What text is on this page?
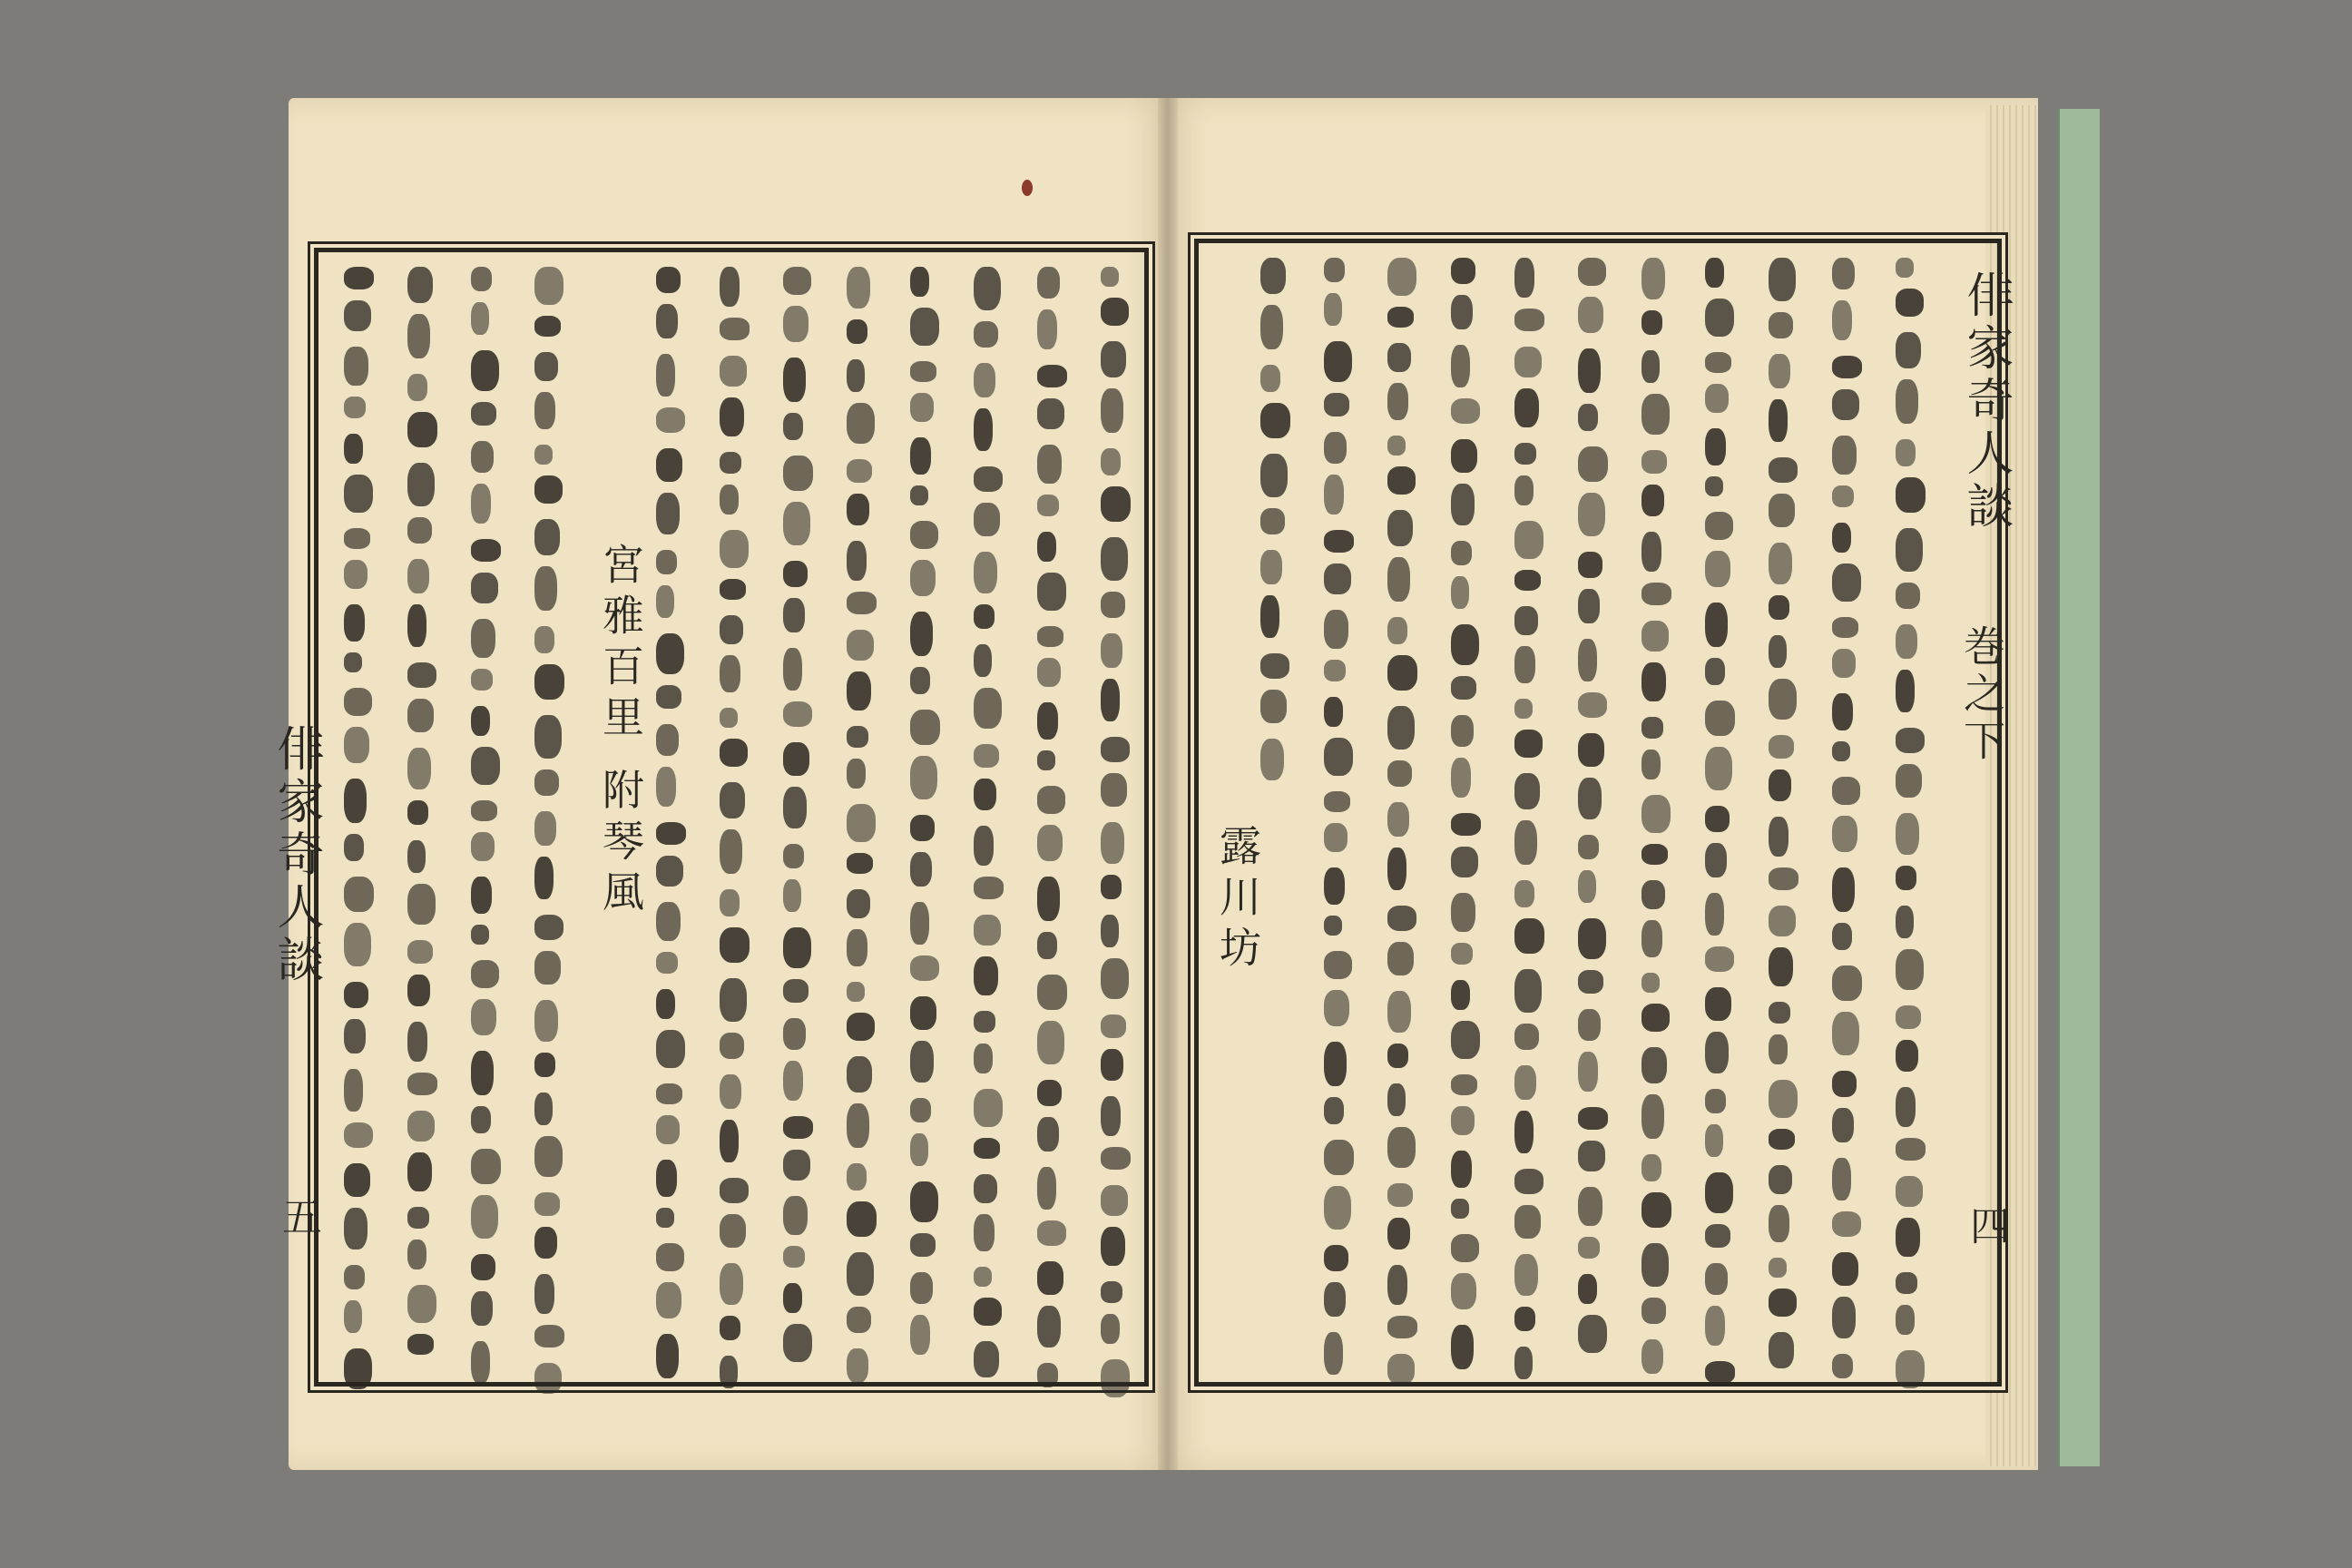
俳家奇人談
五
宮雅百里 附琴風
俳家奇人談
巻之下
四
露川坊
